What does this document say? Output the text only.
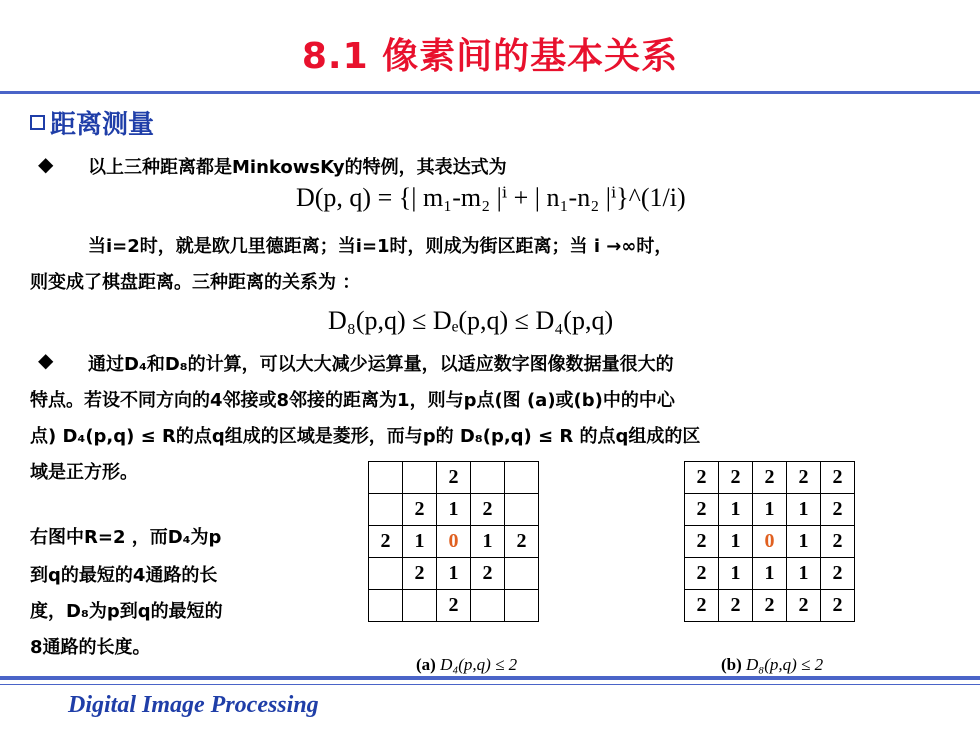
8.1 像素间的基本关系
距离测量
◆ 以上三种距离都是MinkowsKy的特例，其表达式为
D(p, q) = {| m₁-m₂ |ⁱ + | n₁-n₂ |ⁱ}^(1/i)
当i=2时，就是欧几里德距离；当i=1时，则成为街区距离；当 i →∞时，
则变成了棋盘距离。三种距离的关系为 ：
D₈(p,q) ≤ Dₑ(p,q) ≤ D₄(p,q)
◆ 通过D₄和D₈的计算，可以大大减少运算量，以适应数字图像数据量很大的
特点。若设不同方向的4邻接或8邻接的距离为1，则与p点(图 (a)或(b)中的中心
点) D₄(p,q) ≤ R的点q组成的区域是菱形，而与p的 D₈(p,q) ≤ R 的点q组成的区
域是正方形。
右图中R=2 ，而D₄为p
到q的最短的4通路的长
度，D₈为p到q的最短的
8通路的长度。
		2		
	2	1	2	
2	1	0	1	2
	2	1	2	
		2		
2	2	2	2	2
2	1	1	1	2
2	1	0	1	2
2	1	1	1	2
2	2	2	2	2
(a) D₄(p,q) ≤ 2	(b) D₈(p,q) ≤ 2
Digital Image Processing
